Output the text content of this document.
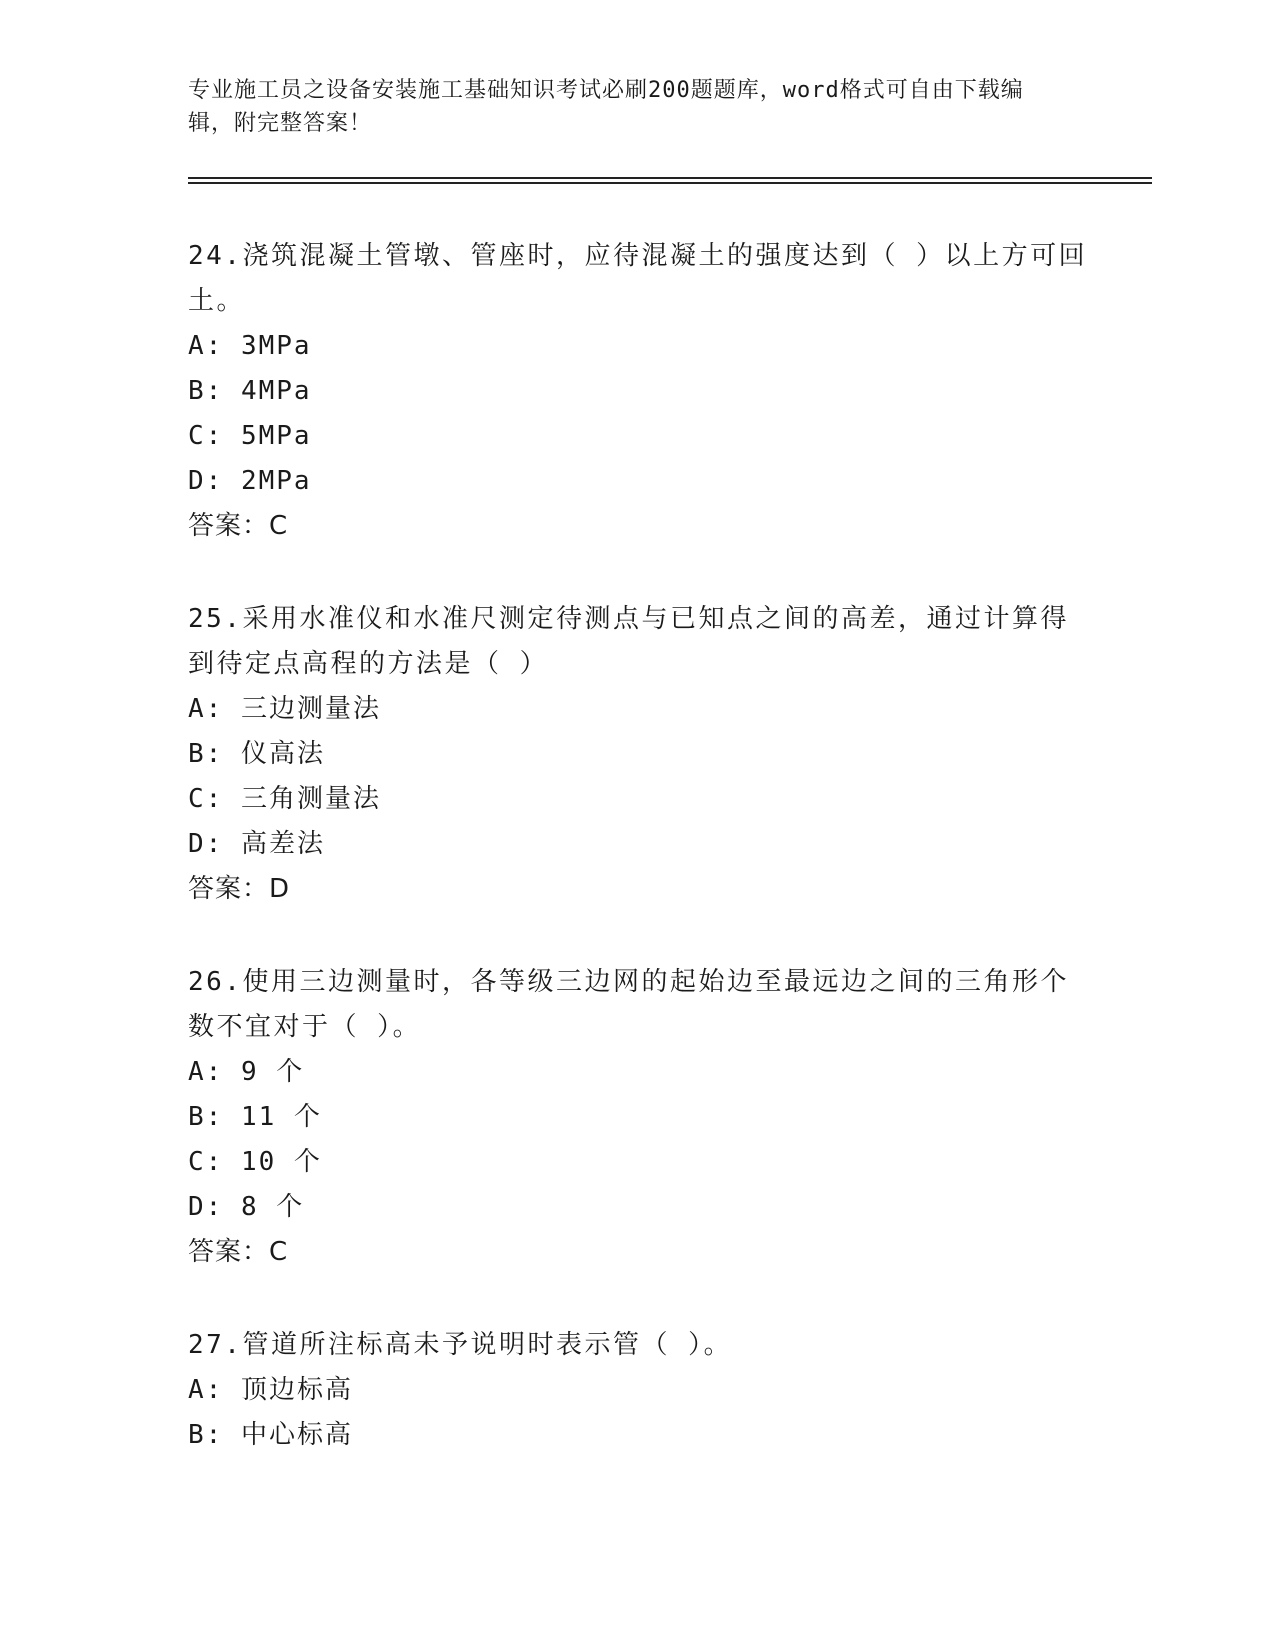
专业施工员之设备安装施工基础知识考试必刷200题题库，word格式可自由下载编辑，附完整答案！

24.浇筑混凝土管墩、管座时，应待混凝土的强度达到（ ）以上方可回土。

A: 3MPa

B: 4MPa

C: 5MPa

D: 2MPa

答案：C

25.采用水准仪和水准尺测定待测点与已知点之间的高差，通过计算得到待定点高程的方法是（ ）

A: 三边测量法

B: 仪高法

C: 三角测量法

D: 高差法

答案：D

26.使用三边测量时，各等级三边网的起始边至最远边之间的三角形个数不宜对于（ ）。

A: 9 个

B: 11 个

C: 10 个

D: 8 个

答案：C

27.管道所注标高未予说明时表示管（ ）。

A: 顶边标高

B: 中心标高
